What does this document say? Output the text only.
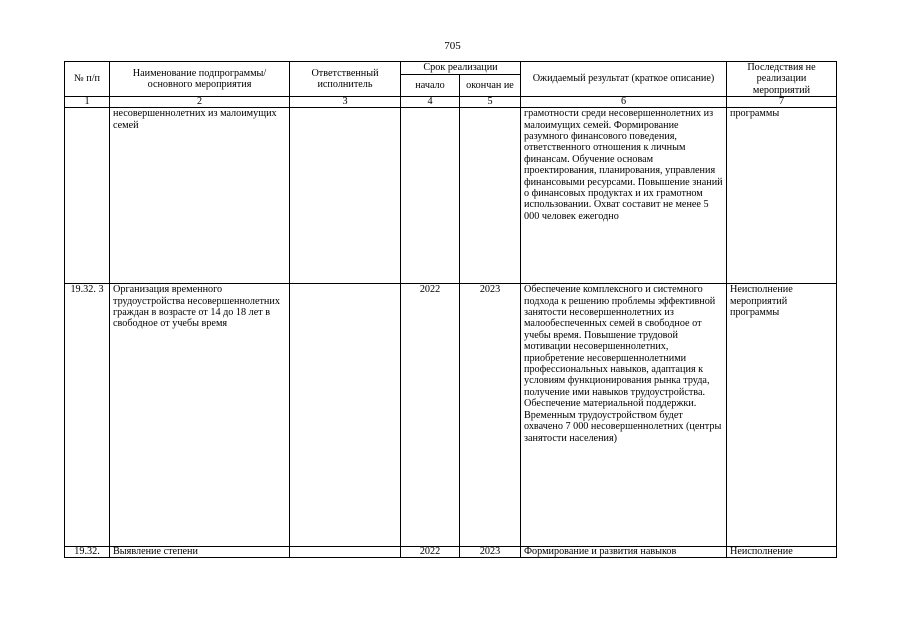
705
№ п/п	Наименование подпрограммы/ основного мероприятия	Ответственный исполнитель	Срок реализации		Ожидаемый результат (краткое описание)	Последствия не реализации мероприятий
			начало	окончан ие		
1	2	3	4	5	6	7
	несовершеннолетних из малоимущих семей				грамотности среди несовершеннолетних из малоимущих семей. Формирование разумного финансового поведения, ответственного отношения к личным финансам. Обучение основам проектирования, планирования, управления финансовыми ресурсами. Повышение знаний о финансовых продуктах и их грамотном использовании. Охват составит не менее 5 000 человек ежегодно	программы
19.32. 3	Организация временного трудоустройства несовершеннолетних граждан в возрасте от 14 до 18 лет в свободное от учебы время		2022	2023	Обеспечение комплексного и системного подхода к решению проблемы эффективной занятости несовершеннолетних из малообеспеченных семей в свободное от учебы время. Повышение трудовой мотивации несовершеннолетних, приобретение несовершеннолетними профессиональных навыков, адаптация к условиям функционирования рынка труда, получение ими навыков трудоустройства. Обеспечение материальной поддержки. Временным трудоустройством будет охвачено 7 000 несовершеннолетних (центры занятости населения)	Неисполнение мероприятий программы
19.32.	Выявление степени		2022	2023	Формирование и развития навыков	Неисполнение
